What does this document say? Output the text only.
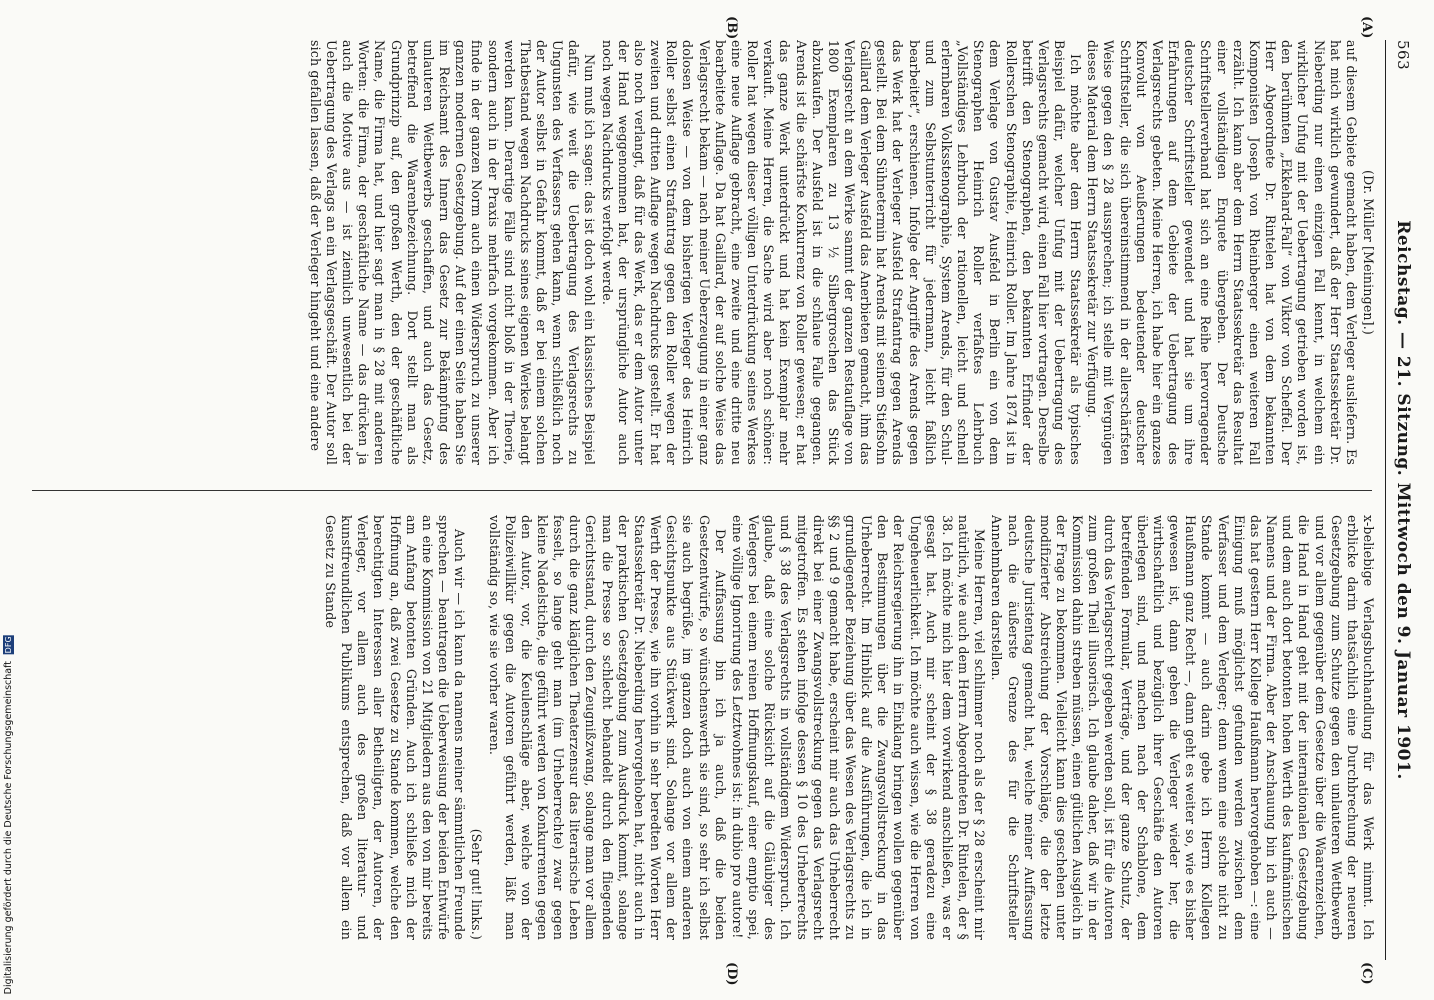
563
Reichstag. — 21. Sitzung. Mittwoch den 9. Januar 1901.
(A)
(B)
(C)
(D)

(Dr. Müller [Meiningen].)

auf diesem Gebiete gemacht haben, dem Verleger ausliefern. Es hat mich wirklich gewundert, daß der Herr Staatssekretär Dr. Nieberding nur einen einzigen Fall kennt, in welchem ein wirklicher Unfug mit der Uebertragung getrieben worden ist, den berühmten „Ekkehard-Fall“ von Viktor von Scheffel. Der Herr Abgeordnete Dr. Rintelen hat von dem bekannten Komponisten Joseph von Rheinberger einen weiteren Fall erzählt. Ich kann aber dem Herrn Staatssekretär das Resultat einer vollständigen Enquete übergeben. Der Deutsche Schriftstellerverband hat sich an eine Reihe hervorragender deutscher Schriftsteller gewendet und hat sie um ihre Erfahrungen auf dem Gebiete der Uebertragung des Verlagsrechts gebeten. Meine Herren, ich habe hier ein ganzes Konvolut von Aeußerungen bedeutender deutscher Schriftsteller, die sich übereinstimmend in der allerschärfsten Weise gegen den § 28 aussprechen; ich stelle mit Vergnügen dieses Material dem Herrn Staatssekretär zur Verfügung.

Ich möchte aber dem Herrn Staatssekretär als typisches Beispiel dafür, welcher Unfug mit der Uebertragung des Verlagsrechts gemacht wird, einen Fall hier vortragen. Derselbe betrifft den Stenographen, den bekannten Erfinder der Rollerschen Stenographie, Heinrich Roller. Im Jahre 1874 ist in dem Verlage von Gustav Ausfeld in Berlin ein von dem Stenographen Heinrich Roller verfaßtes Lehrbuch „Vollständiges Lehrbuch der rationellen, leicht und schnell erlernbaren Volksstenographie, System Arends, für den Schul- und zum Selbstunterricht für jedermann, leicht faßlich bearbeitet“, erschienen. Infolge der Angriffe des Arends gegen das Werk hat der Verleger Ausfeld Strafantrag gegen Arends gestellt. Bei dem Sühnetermin hat Arends mit seinem Stiefsohn Gaillard dem Verleger Ausfeld das Anerbieten gemacht, ihm das Verlagsrecht an dem Werke sammt der ganzen Restauflage von 1800 Exemplaren zu 13 ½ Silbergroschen das Stück abzukaufen. Der Ausfeld ist in die schlaue Falle gegangen. Arends ist die schärfste Konkurrenz von Roller gewesen; er hat das ganze Werk unterdrückt und hat kein Exemplar mehr verkauft. Meine Herren, die Sache wird aber noch schöner: Roller hat wegen dieser völligen Unterdrückung seines Werkes eine neue Auflage gebracht, eine zweite und eine dritte neu bearbeitete Auflage. Da hat Gaillard, der auf solche Weise das Verlagsrecht bekam — nach meiner Ueberzeugung in einer ganz dolosen Weise — von dem bisherigen Verleger des Heinrich Roller selbst einen Strafantrag gegen den Roller wegen der zweiten und dritten Auflage wegen Nachdrucks gestellt. Er hat also noch verlangt, daß für das Werk, das er dem Autor unter der Hand weggenommen hat, der ursprüngliche Autor auch noch wegen Nachdrucks verfolgt werde.

Nun muß ich sagen: das ist doch wohl ein klassisches Beispiel dafür, wie weit die Uebertragung des Verlagsrechts zu Ungunsten des Verfassers gehen kann, wenn schließlich noch der Autor selbst in Gefahr kommt, daß er bei einem solchen Thatbestand wegen Nachdrucks seines eigenen Werkes belangt werden kann. Derartige Fälle sind nicht bloß in der Theorie, sondern auch in der Praxis mehrfach vorgekommen. Aber ich finde in der ganzen Norm auch einen Widerspruch zu unserer ganzen modernen Gesetzgebung. Auf der einen Seite haben Sie im Reichsamt des Innern das Gesetz zur Bekämpfung des unlauteren Wettbewerbs geschaffen, und auch das Gesetz, betreffend die Waarenbezeichnung. Dort stellt man als Grundprinzip auf, den großen Werth, den der geschäftliche Name, die Firma hat, und hier sagt man in § 28 mit anderen Worten: die Firma, der geschäftliche Name — das drücken ja auch die Motive aus — ist ziemlich unwesentlich bei der Uebertragung des Verlags an ein Verlagsgeschäft. Der Autor soll sich gefallen lassen, daß der Verleger hingeht und eine andere

x-beliebige Verlagsbuchhandlung für das Werk nimmt. Ich erblicke darin thatsächlich eine Durchbrechung der neueren Gesetzgebung zum Schutze gegen den unlauteren Wettbewerb und vor allem gegenüber dem Gesetze über die Waarenzeichen, die Hand in Hand geht mit der internationalen Gesetzgebung und dem auch dort betonten hohen Werth des kaufmännischen Namens und der Firma. Aber der Anschauung bin ich auch — das hat gestern Herr Kollege Haußmann hervorgehoben —: eine Einigung muß möglichst gefunden werden zwischen dem Verfasser und dem Verleger; denn wenn eine solche nicht zu Stande kommt — auch darin gebe ich Herrn Kollegen Haußmann ganz Recht —, dann geht es weiter so, wie es bisher gewesen ist, dann geben die Verleger wieder her, die wirthschaftlich und bezüglich ihrer Geschäfte den Autoren überlegen sind, und machen nach der Schablone, dem betreffenden Formular, Verträge, und der ganze Schutz, der durch das Verlagsrecht gegeben werden soll, ist für die Autoren zum großen Theil illusorisch. Ich glaube daher, daß wir in der Kommission dahin streben müssen, einen gütlichen Ausgleich in der Frage zu bekommen. Vielleicht kann dies geschehen unter modifizierter Abstreichung der Vorschläge, die der letzte deutsche Juristentag gemacht hat, welche meiner Auffassung nach die äußerste Grenze des für die Schriftsteller Annehmbaren darstellen.

Meine Herren, viel schlimmer noch als der § 28 erscheint mir natürlich, wie auch dem Herrn Abgeordneten Dr. Rintelen, der § 38. Ich möchte mich hier dem vorwirkend anschließen, was er gesagt hat. Auch mir scheint der § 38 geradezu eine Ungeheuerlichkeit. Ich möchte auch wissen, wie die Herren von der Reichsregierung ihn in Einklang bringen wollen gegenüber den Bestimmungen über die Zwangsvollstreckung in das Urheberrecht. Im Hinblick auf die Ausführungen, die ich in grundlegender Beziehung über das Wesen des Verlagsrechts zu §§ 2 und 9 gemacht habe, erscheint mir auch das Urheberrecht direkt bei einer Zwangsvollstreckung gegen das Verlagsrecht mitgetroffen. Es stehen infolge dessen § 10 des Urheberrechts und § 38 des Verlagsrechts in vollständigem Widerspruch. Ich glaube, daß eine solche Rücksicht auf die Gläubiger des Verlegers bei einem reinen Hoffnungskauf, einer emptio spei, eine völlige Ignorirung des Letztwohnes ist: in dubio pro autore!

Der Auffassung bin ich ja auch, daß die beiden Gesetzentwürfe, so wünschenswerth sie sind, so sehr ich selbst sie auch begrüße, im ganzen doch auch von einem anderen Gesichtspunkte aus Stückwerk sind. Solange vor allem der Werth der Presse, wie ihn vorhin in sehr beredten Worten Herr Staatssekretär Dr. Nieberding hervorgehoben hat, nicht auch in der praktischen Gesetzgebung zum Ausdruck kommt, solange man die Presse so schlecht behandelt durch den fliegenden Gerichtsstand, durch den Zeugnißzwang, solange man vor allem durch die ganz kläglichen Theaterzensur das literarische Leben fesselt, so lange geht man (im Urheberrechte) zwar gegen kleine Nadelstiche, die geführt werden von Konkurrenten gegen den Autor, vor, die Keulenschläge aber, welche von der Polizeiwillkür gegen die Autoren geführt werden, läßt man vollständig so, wie sie vorher waren.

(Sehr gut! links.)

Auch wir — ich kann da namens meiner sämmtlichen Freunde sprechen — beantragen die Ueberweisung der beiden Entwürfe an eine Kommission von 21 Mitgliedern aus den von mir bereits am Anfang betonten Gründen. Auch ich schließe mich der Hoffnung an, daß zwei Gesetze zu Stande kommen, welche den berechtigten Interessen aller Betheiligten, der Autoren, der Verleger, vor allem auch des großen literatur- und kunstfreundlichen Publikums entsprechen, daß vor allem ein Gesetz zu Stande

Digitalisierung gefördert durch die Deutsche Forschungsgemeinschaft DFG
